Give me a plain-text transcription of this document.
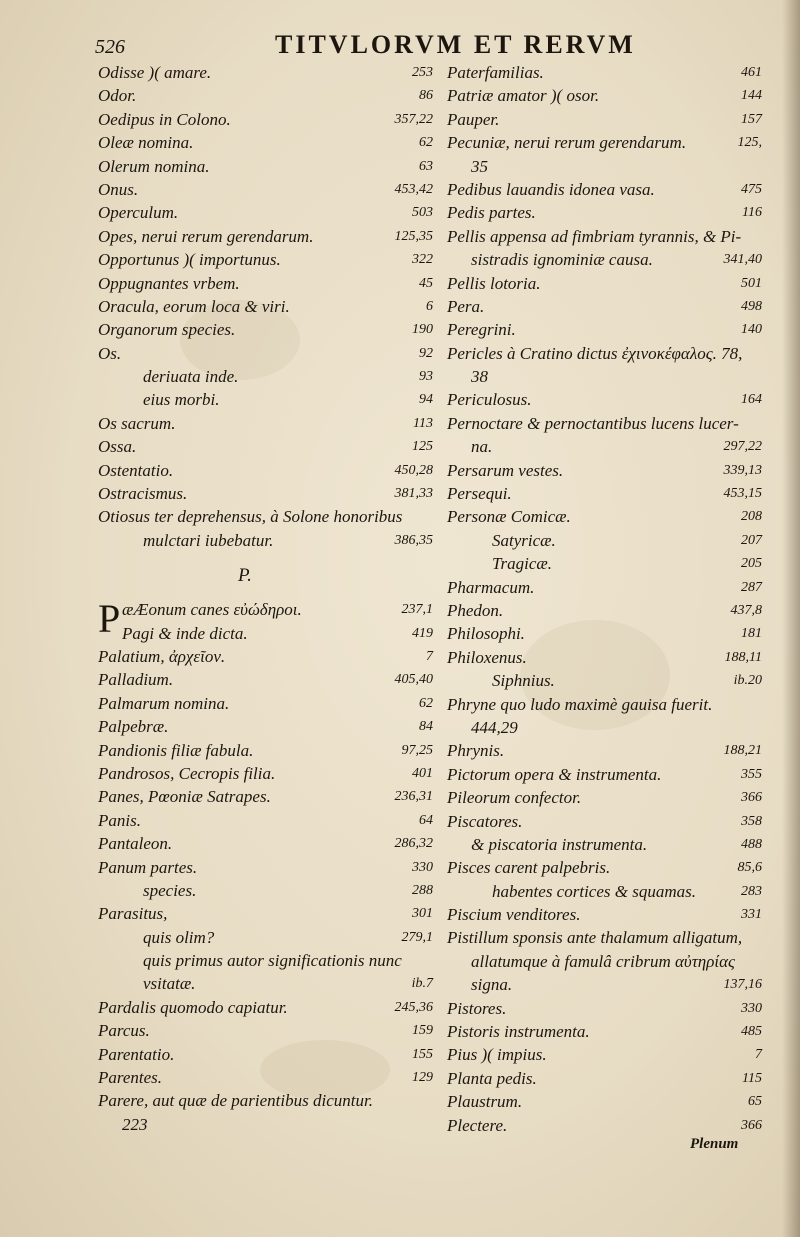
526	TITVLORVM ET RERVM
Odisse )( amare.	253
Odor.	86
Oedipus in Colono.	357,22
Oleæ nomina.	62
Olerum nomina.	63
Onus.	453,42
Operculum.	503
Opes, nerui rerum gerendarum.	125,35
Opportunus )( importunus.	322
Oppugnantes vrbem.	45
Oracula, eorum loca & viri.	6
Organorum species.	190
Os.	92
deriuata inde.	93
eius morbi.	94
Os sacrum.	113
Ossa.	125
Ostentatio.	450,28
Ostracismus.	381,33
Otiosus ter deprehensus, à Solone honoribus
mulctari iubebatur.	386,35
P.
P æÆonum canes εὐώδηροι.	237,1
Pagi & inde dicta.	419
Palatium, ἀρχεῖον.	7
Palladium.	405,40
Palmarum nomina.	62
Palpebræ.	84
Pandionis filiæ fabula.	97,25
Pandrosos, Cecropis filia.	401
Panes, Pœoniæ Satrapes.	236,31
Panis.	64
Pantaleon.	286,32
Panum partes.	330
species.	288
Parasitus,	301
quis olim?	279,1
quis primus autor significationis nunc
vsitatæ.	ib.7
Pardalis quomodo capiatur.	245,36
Parcus.	159
Parentatio.	155
Parentes.	129
Parere, aut quæ de parientibus dicuntur.
223
Paterfamilias.	461
Patriæ amator )( osor.	144
Pauper.	157
Pecuniæ, nerui rerum gerendarum.	125,
35
Pedibus lauandis idonea vasa.	475
Pedis partes.	116
Pellis appensa ad fimbriam tyrannis, & Pi-
sistradis ignominiæ causa.	341,40
Pellis lotoria.	501
Pera.	498
Peregrini.	140
Pericles à Cratino dictus ἐχινοκέφαλος. 78,
38
Periculosus.	164
Pernoctare & pernoctantibus lucens lucer-
na.	297,22
Persarum vestes.	339,13
Persequi.	453,15
Personæ Comicæ.	208
Satyricæ.	207
Tragicæ.	205
Pharmacum.	287
Phedon.	437,8
Philosophi.	181
Philoxenus.	188,11
Siphnius.	ib.20
Phryne quo ludo maximè gauisa fuerit.
444,29
Phrynis.	188,21
Pictorum opera & instrumenta.	355
Pileorum confector.	366
Piscatores.	358
& piscatoria instrumenta.	488
Pisces carent palpebris.	85,6
habentes cortices & squamas.	283
Piscium venditores.	331
Pistillum sponsis ante thalamum alligatum,
allatumque à famulâ cribrum αὐτηρίας
signa.	137,16
Pistores.	330
Pistoris instrumenta.	485
Pius )( impius.	7
Planta pedis.	115
Plaustrum.	65
Plectere.	366
Plenum
